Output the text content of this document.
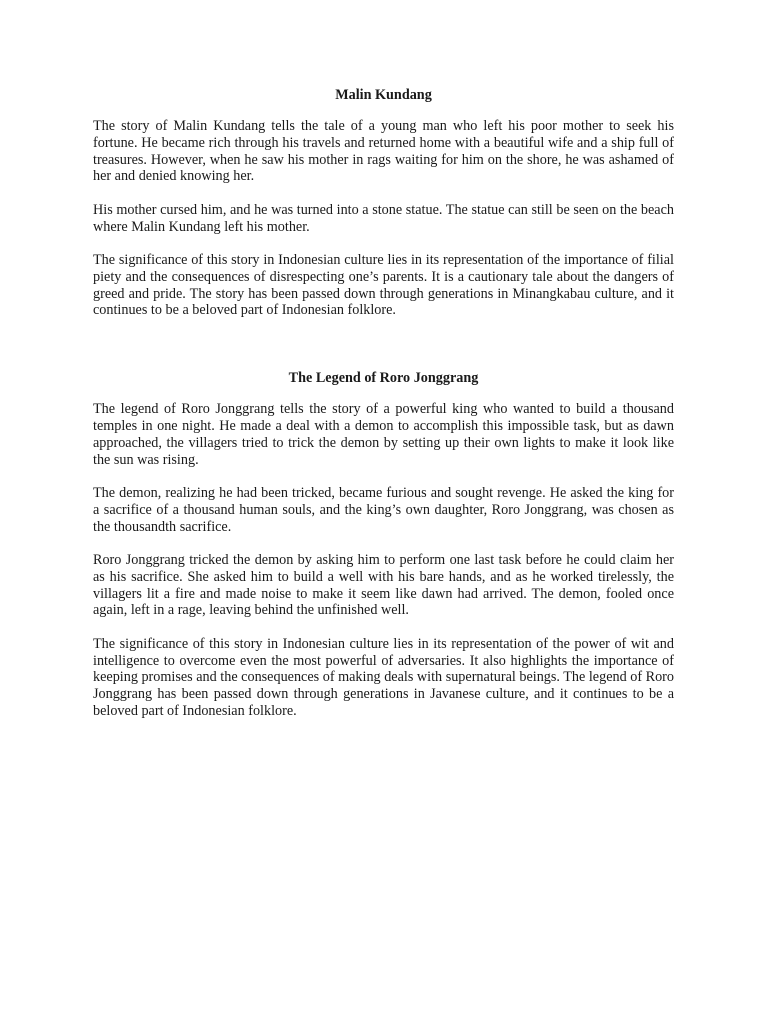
Malin Kundang

The story of Malin Kundang tells the tale of a young man who left his poor mother to seek his fortune. He became rich through his travels and returned home with a beautiful wife and a ship full of treasures. However, when he saw his mother in rags waiting for him on the shore, he was ashamed of her and denied knowing her.

His mother cursed him, and he was turned into a stone statue. The statue can still be seen on the beach where Malin Kundang left his mother.

The significance of this story in Indonesian culture lies in its representation of the importance of filial piety and the consequences of disrespecting one’s parents. It is a cautionary tale about the dangers of greed and pride. The story has been passed down through generations in Minangkabau culture, and it continues to be a beloved part of Indonesian folklore.

The Legend of Roro Jonggrang

The legend of Roro Jonggrang tells the story of a powerful king who wanted to build a thousand temples in one night. He made a deal with a demon to accomplish this impossible task, but as dawn approached, the villagers tried to trick the demon by setting up their own lights to make it look like the sun was rising.

The demon, realizing he had been tricked, became furious and sought revenge. He asked the king for a sacrifice of a thousand human souls, and the king’s own daughter, Roro Jonggrang, was chosen as the thousandth sacrifice.

Roro Jonggrang tricked the demon by asking him to perform one last task before he could claim her as his sacrifice. She asked him to build a well with his bare hands, and as he worked tirelessly, the villagers lit a fire and made noise to make it seem like dawn had arrived. The demon, fooled once again, left in a rage, leaving behind the unfinished well.

The significance of this story in Indonesian culture lies in its representation of the power of wit and intelligence to overcome even the most powerful of adversaries. It also highlights the importance of keeping promises and the consequences of making deals with supernatural beings. The legend of Roro Jonggrang has been passed down through generations in Javanese culture, and it continues to be a beloved part of Indonesian folklore.
